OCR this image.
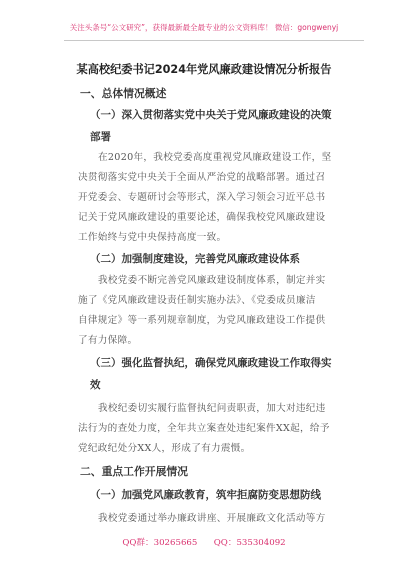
关注头条号“公文研究”，获得最新最全最专业的公文资料库！ 微信：gongwenyj
某高校纪委书记2024年党风廉政建设情况分析报告
一、总体情况概述
（一）深入贯彻落实党中央关于党风廉政建设的决策
部署
在2020年，我校党委高度重视党风廉政建设工作，坚
决贯彻落实党中央关于全面从严治党的战略部署。通过召
开党委会、专题研讨会等形式，深入学习领会习近平总书
记关于党风廉政建设的重要论述，确保我校党风廉政建设
工作始终与党中央保持高度一致。
（二）加强制度建设，完善党风廉政建设体系
我校党委不断完善党风廉政建设制度体系，制定并实
施了《党风廉政建设责任制实施办法》、《党委成员廉洁
自律规定》等一系列规章制度，为党风廉政建设工作提供
了有力保障。
（三）强化监督执纪，确保党风廉政建设工作取得实
效
我校纪委切实履行监督执纪问责职责，加大对违纪违
法行为的查处力度，全年共立案查处违纪案件XX起，给予
党纪政纪处分XX人，形成了有力震慑。
二、重点工作开展情况
（一）加强党风廉政教育，筑牢拒腐防变思想防线
我校党委通过举办廉政讲座、开展廉政文化活动等方
QQ群：30265665      QQ：535304092
